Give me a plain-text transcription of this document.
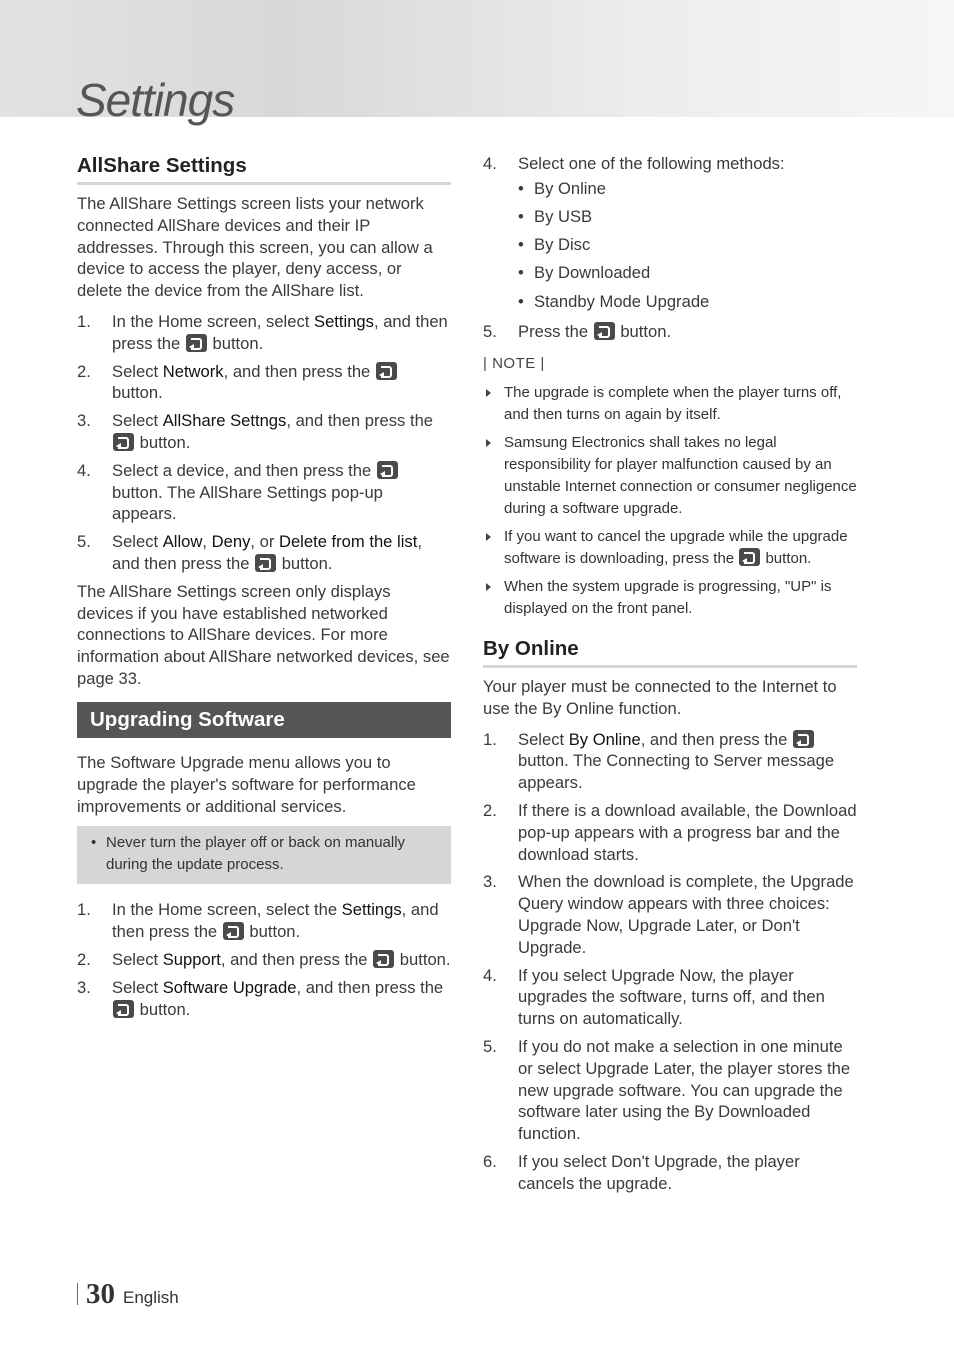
Settings
AllShare Settings

The AllShare Settings screen lists your network connected AllShare devices and their IP addresses. Through this screen, you can allow a device to access the player, deny access, or delete the device from the AllShare list.

1. In the Home screen, select Settings, and then press the  button.
2. Select Network, and then press the  button.
3. Select AllShare Settngs, and then press the  button.
4. Select a device, and then press the  button. The AllShare Settings pop-up appears.
5. Select Allow, Deny, or Delete from the list, and then press the  button.

The AllShare Settings screen only displays devices if you have established networked connections to AllShare devices. For more information about AllShare networked devices, see page 33.

Upgrading Software

The Software Upgrade menu allows you to upgrade the player's software for performance improvements or additional services.

• Never turn the player off or back on manually during the update process.
1. In the Home screen, select the Settings, and then press the  button.
2. Select Support, and then press the  button.
3. Select Software Upgrade, and then press the  button.
4. Select one of the following methods:
• By Online
• By USB
• By Disc
• By Downloaded
• Standby Mode Upgrade
5. Press the  button.
| NOTE |
The upgrade is complete when the player turns off, and then turns on again by itself.
Samsung Electronics shall takes no legal responsibility for player malfunction caused by an unstable Internet connection or consumer negligence during a software upgrade.
If you want to cancel the upgrade while the upgrade software is downloading, press the  button.
When the system upgrade is progressing, "UP" is displayed on the front panel.
By Online

Your player must be connected to the Internet to use the By Online function.

1. Select By Online, and then press the  button. The Connecting to Server message appears.
2. If there is a download available, the Download pop-up appears with a progress bar and the download starts.
3. When the download is complete, the Upgrade Query window appears with three choices: Upgrade Now, Upgrade Later, or Don't Upgrade.
4. If you select Upgrade Now, the player upgrades the software, turns off, and then turns on automatically.
5. If you do not make a selection in one minute or select Upgrade Later, the player stores the new upgrade software. You can upgrade the software later using the By Downloaded function.
6. If you select Don't Upgrade, the player cancels the upgrade.
30 English
